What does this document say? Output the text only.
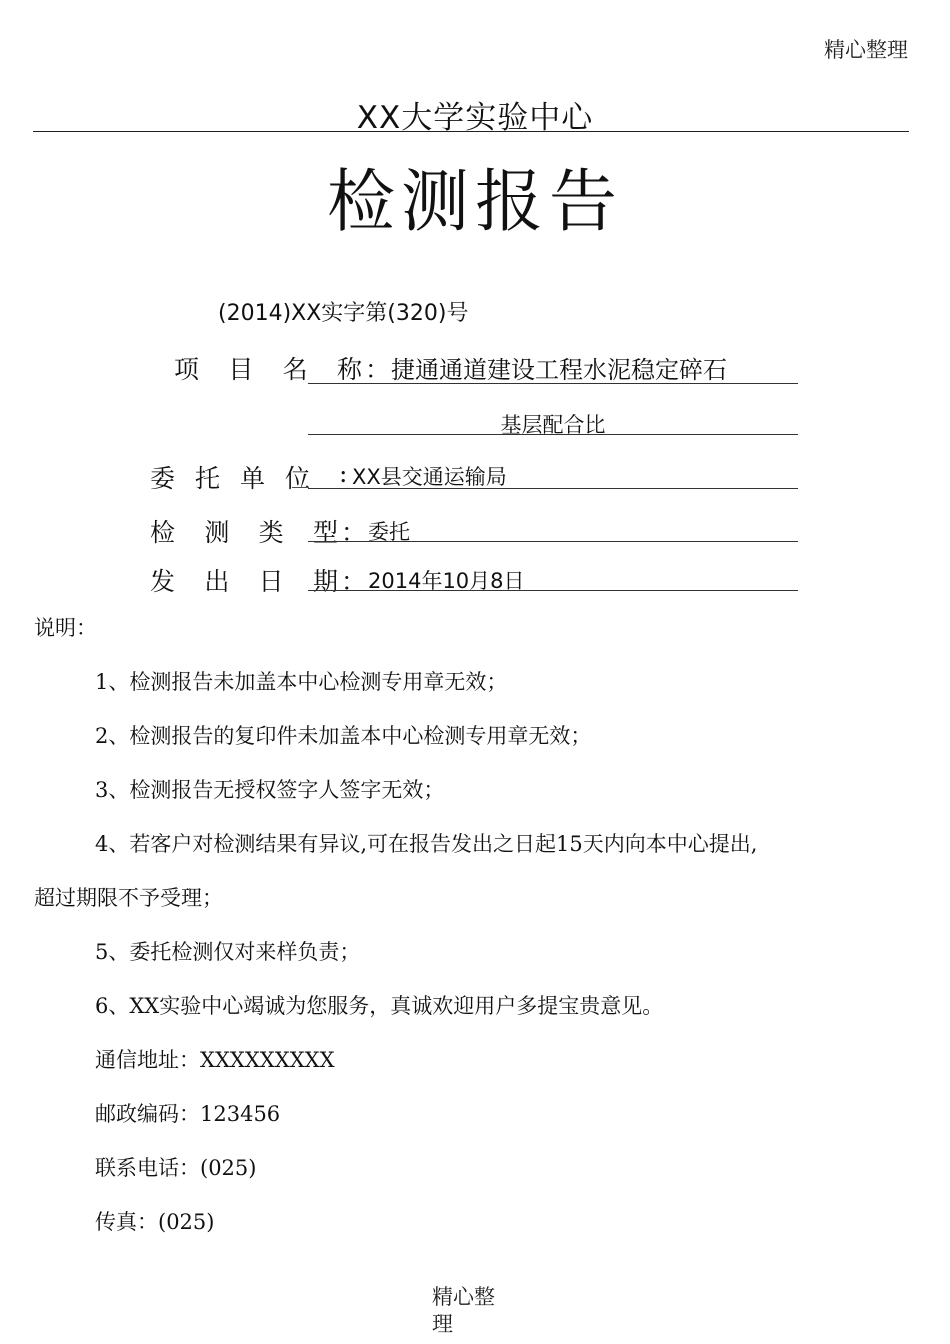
精心整理
XX大学实验中心
检测报告
(2014)XX实字第(320)号
项 目 名 称 ： 捷通通道建设工程水泥稳定碎石
基层配合比
委 托 单 位 : XX县交通运输局
检 测 类 型 ： 委托
发 出 日 期 ： 2014年10月8日
说明：
1、检测报告未加盖本中心检测专用章无效；
2、检测报告的复印件未加盖本中心检测专用章无效；
3、检测报告无授权签字人签字无效；
4、若客户对检测结果有异议,可在报告发出之日起15天内向本中心提出,
超过期限不予受理；
5、委托检测仅对来样负责；
6、XX实验中心竭诚为您服务，真诚欢迎用户多提宝贵意见。
通信地址：XXXXXXXXX
邮政编码：123456
联系电话：(025)
传真：(025)
精心整理
